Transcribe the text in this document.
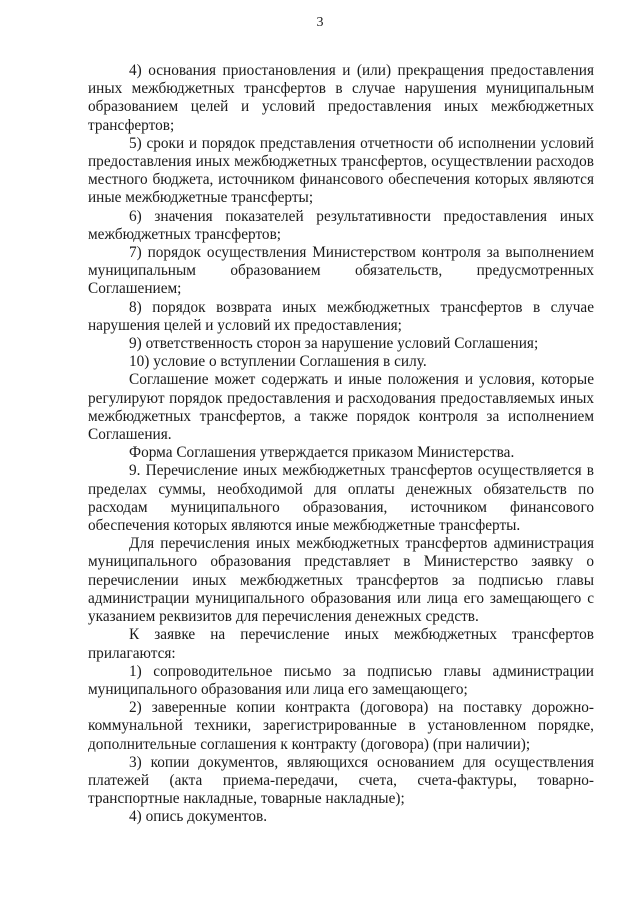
3

4) основания приостановления и (или) прекращения предоставления иных межбюджетных трансфертов в случае нарушения муниципальным образованием целей и условий предоставления иных межбюджетных трансфертов;

5) сроки и порядок представления отчетности об исполнении условий предоставления иных межбюджетных трансфертов, осуществлении расходов местного бюджета, источником финансового обеспечения которых являются иные межбюджетные трансферты;

6) значения показателей результативности предоставления иных межбюджетных трансфертов;

7) порядок осуществления Министерством контроля за выполнением муниципальным образованием обязательств, предусмотренных Соглашением;

8) порядок возврата иных межбюджетных трансфертов в случае нарушения целей и условий их предоставления;

9) ответственность сторон за нарушение условий Соглашения;

10) условие о вступлении Соглашения в силу.

Соглашение может содержать и иные положения и условия, которые регулируют порядок предоставления и расходования предоставляемых иных межбюджетных трансфертов, а также порядок контроля за исполнением Соглашения.

Форма Соглашения утверждается приказом Министерства.

9. Перечисление иных межбюджетных трансфертов осуществляется в пределах суммы, необходимой для оплаты денежных обязательств по расходам муниципального образования, источником финансового обеспечения которых являются иные межбюджетные трансферты.

Для перечисления иных межбюджетных трансфертов администрация муниципального образования представляет в Министерство заявку о перечислении иных межбюджетных трансфертов за подписью главы администрации муниципального образования или лица его замещающего с указанием реквизитов для перечисления денежных средств.

К заявке на перечисление иных межбюджетных трансфертов прилагаются:

1) сопроводительное письмо за подписью главы администрации муниципального образования или лица его замещающего;

2) заверенные копии контракта (договора) на поставку дорожно-коммунальной техники, зарегистрированные в установленном порядке, дополнительные соглашения к контракту (договора) (при наличии);

3) копии документов, являющихся основанием для осуществления платежей (акта приема-передачи, счета, счета-фактуры, товарно-транспортные накладные, товарные накладные);

4) опись документов.
